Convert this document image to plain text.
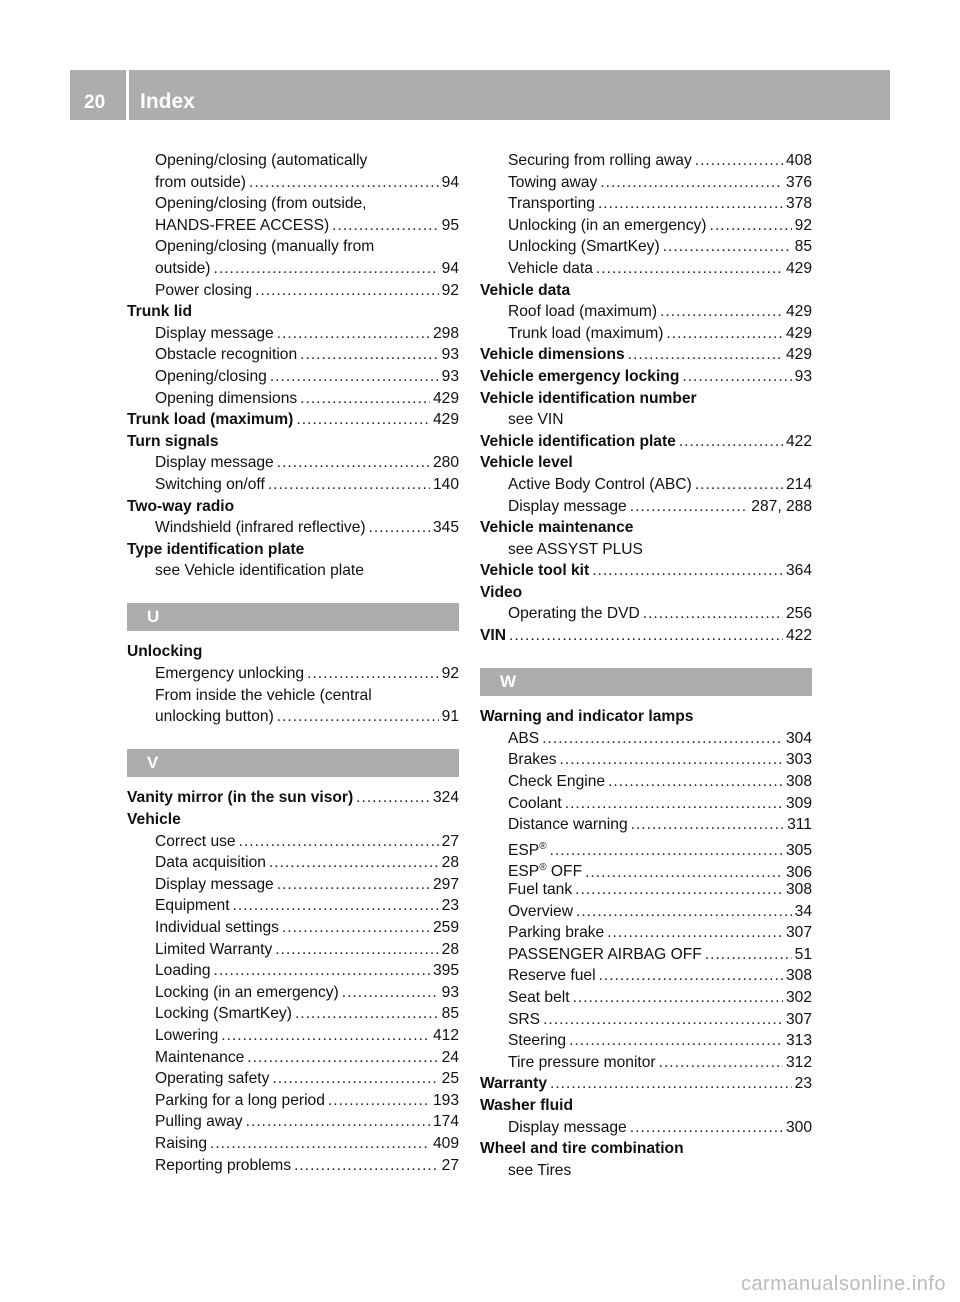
20 Index
Opening/closing (automatically
from outside) .....	94
Opening/closing (from outside,
HANDS-FREE ACCESS) .....	95
Opening/closing (manually from
outside) .....	94
Power closing .....	92
Trunk lid
Display message .....	298
Obstacle recognition .....	93
Opening/closing .....	93
Opening dimensions .....	429
Trunk load (maximum) .....	429
Turn signals
Display message .....	280
Switching on/off .....	140
Two-way radio
Windshield (infrared reflective) .....	345
Type identification plate
see Vehicle identification plate
U
Unlocking
Emergency unlocking .....	92
From inside the vehicle (central
unlocking button) .....	91
V
Vanity mirror (in the sun visor) .....	324
Vehicle
Correct use .....	27
Data acquisition .....	28
Display message .....	297
Equipment .....	23
Individual settings .....	259
Limited Warranty .....	28
Loading .....	395
Locking (in an emergency) .....	93
Locking (SmartKey) .....	85
Lowering .....	412
Maintenance .....	24
Operating safety .....	25
Parking for a long period .....	193
Pulling away .....	174
Raising .....	409
Reporting problems .....	27
Securing from rolling away .....	408
Towing away .....	376
Transporting .....	378
Unlocking (in an emergency) .....	92
Unlocking (SmartKey) .....	85
Vehicle data .....	429
Vehicle data
Roof load (maximum) .....	429
Trunk load (maximum) .....	429
Vehicle dimensions .....	429
Vehicle emergency locking .....	93
Vehicle identification number
see VIN
Vehicle identification plate .....	422
Vehicle level
Active Body Control (ABC) .....	214
Display message .....	287, 288
Vehicle maintenance
see ASSYST PLUS
Vehicle tool kit .....	364
Video
Operating the DVD .....	256
VIN .....	422
W
Warning and indicator lamps
ABS .....	304
Brakes .....	303
Check Engine .....	308
Coolant .....	309
Distance warning .....	311
ESP® .....	305
ESP® OFF .....	306
Fuel tank .....	308
Overview .....	34
Parking brake .....	307
PASSENGER AIRBAG OFF .....	51
Reserve fuel .....	308
Seat belt .....	302
SRS .....	307
Steering .....	313
Tire pressure monitor .....	312
Warranty .....	23
Washer fluid
Display message .....	300
Wheel and tire combination
see Tires
carmanualsonline.info
